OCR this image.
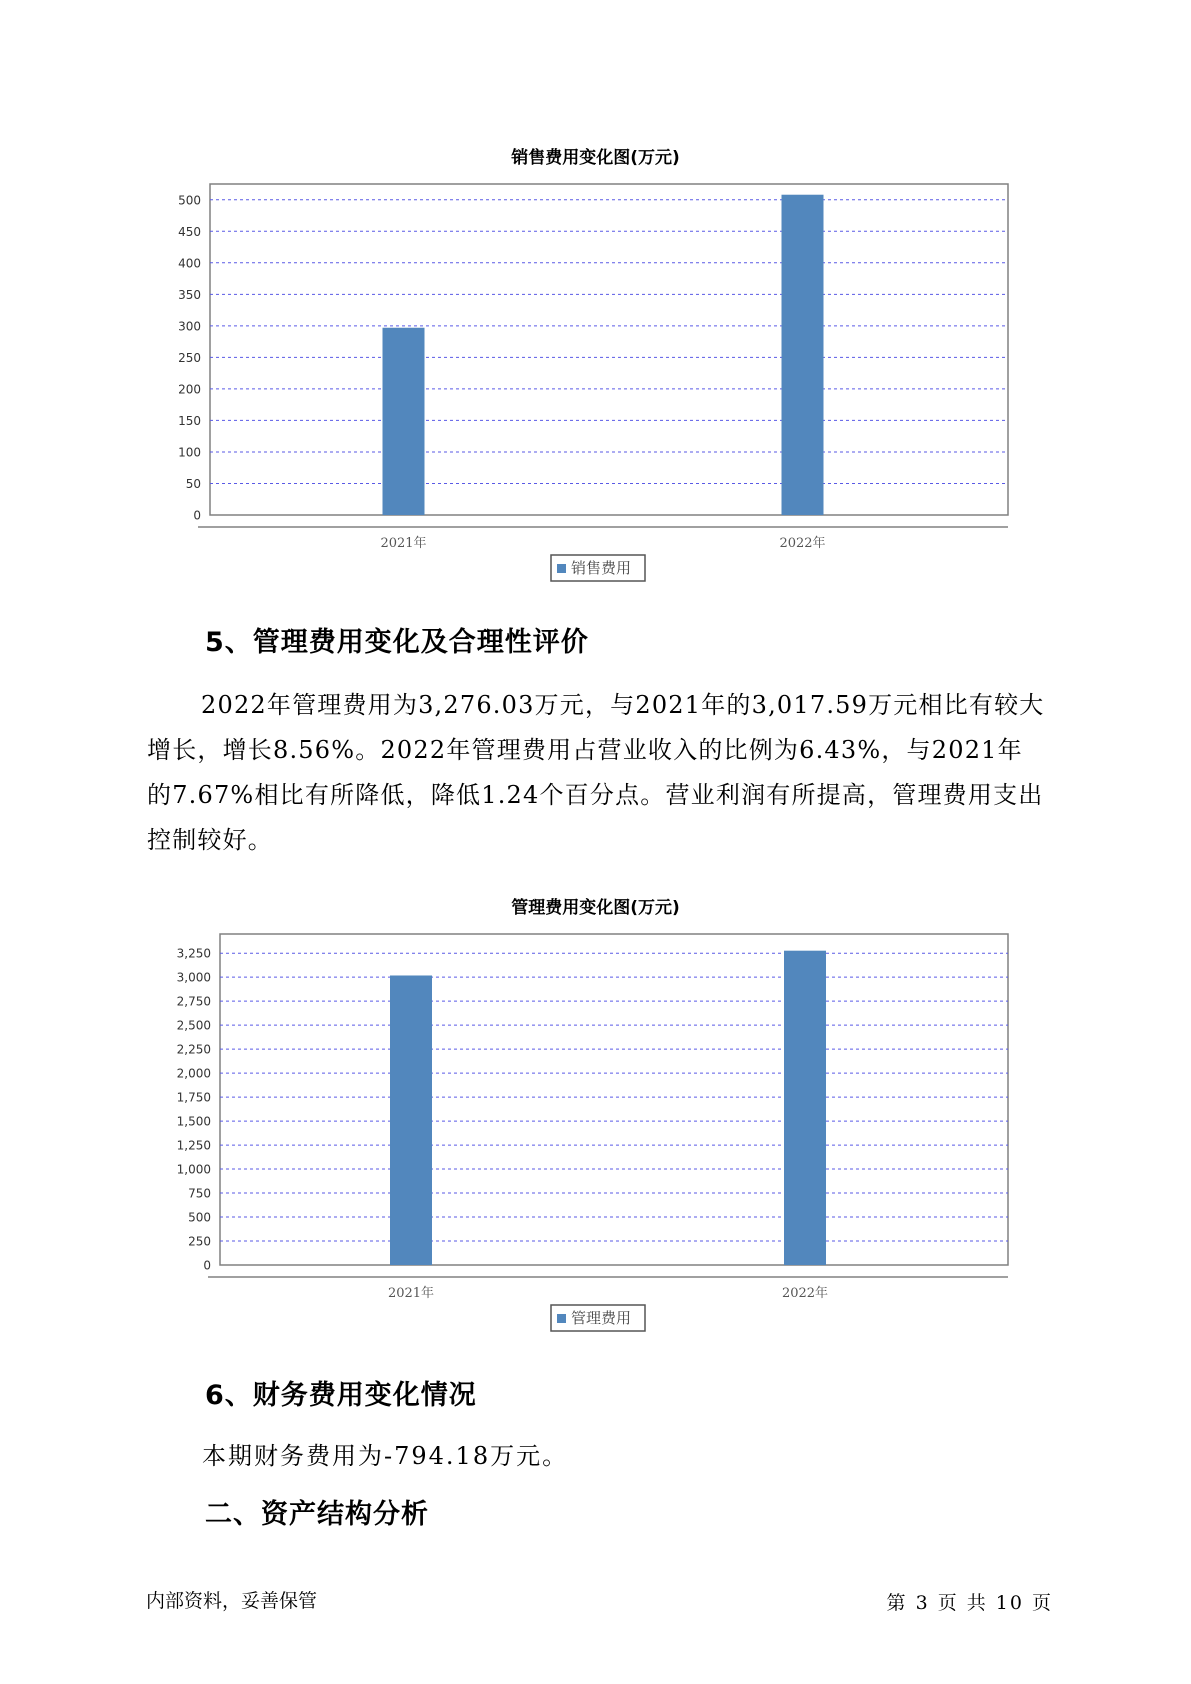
销售费用变化图(万元)
0
50
100
150
200
250
300
350
400
450
500
2021年	2022年
销售费用
5、管理费用变化及合理性评价

2022年管理费用为3,276.03万元，与2021年的3,017.59万元相比有较大增长，增长8.56%。2022年管理费用占营业收入的比例为6.43%，与2021年的7.67%相比有所降低，降低1.24个百分点。营业利润有所提高，管理费用支出控制较好。

管理费用变化图(万元)
0
250
500
750
1,000
1,250
1,500
1,750
2,000
2,250
2,500
2,750
3,000
3,250
2021年	2022年
管理费用
6、财务费用变化情况
本期财务费用为-794.18万元。
二、资产结构分析
内部资料，妥善保管	第 3 页 共 10 页
